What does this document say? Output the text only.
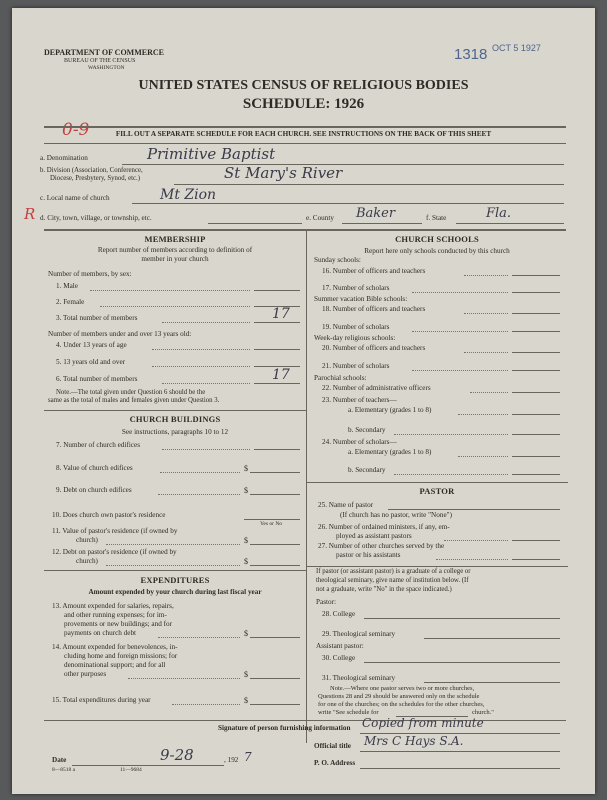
DEPARTMENT OF COMMERCE
BUREAU OF THE CENSUS
WASHINGTON
1318 OCT 5 1927
UNITED STATES CENSUS OF RELIGIOUS BODIES
SCHEDULE: 1926
0-9	FILL OUT A SEPARATE SCHEDULE FOR EACH CHURCH. SEE INSTRUCTIONS ON THE BACK OF THIS SHEET
a. Denomination	Primitive Baptist
b. Division (Association, Conference,
Diocese, Presbytery, Synod, etc.)	St Mary's River
c. Local name of church	Mt Zion
R d. City, town, village, or township, etc.	e. County Baker	f. State	Fla.
MEMBERSHIP
Report number of members according to definition of
member in your church
Number of members, by sex:
1. Male
2. Female
3. Total number of members	17
Number of members under and over 13 years old:
4. Under 13 years of age
5. 13 years old and over
6. Total number of members	17
Note.—The total given under Question 6 should be the
same as the total of males and females given under Question 3.
CHURCH BUILDINGS
See instructions, paragraphs 10 to 12
7. Number of church edifices
8. Value of church edifices	$
9. Debt on church edifices	$
10. Does church own pastor's residence
Yes or No
11. Value of pastor's residence (if owned by
church)	$
12. Debt on pastor's residence (if owned by
church)	$
EXPENDITURES
Amount expended by your church during last fiscal year
13. Amount expended for salaries, repairs,
and other running expenses; for im-
provements or new buildings; and for
payments on church debt	$
14. Amount expended for benevolences, in-
cluding home and foreign missions; for
denominational support; and for all
other purposes	$
15. Total expenditures during year	$
CHURCH SCHOOLS
Report here only schools conducted by this church
Sunday schools:
16. Number of officers and teachers
17. Number of scholars
Summer vacation Bible schools:
18. Number of officers and teachers
19. Number of scholars
Week-day religious schools:
20. Number of officers and teachers
21. Number of scholars
Parochial schools:
22. Number of administrative officers
23. Number of teachers—
a. Elementary (grades 1 to 8)
b. Secondary
24. Number of scholars—
a. Elementary (grades 1 to 8)
b. Secondary
PASTOR
25. Name of pastor
(If church has no pastor, write "None")
26. Number of ordained ministers, if any, em-
ployed as assistant pastors
27. Number of other churches served by the
pastor or his assistants
If pastor (or assistant pastor) is a graduate of a college or
theological seminary, give name of institution below. (If
not a graduate, write "No" in the space indicated.)
Pastor:
28. College
29. Theological seminary
Assistant pastor:
30. College
31. Theological seminary
Note.—Where one pastor serves two or more churches,
Questions 28 and 29 should be answered only on the schedule
for one of the churches; on the schedules for the other churches,
write "See schedule for	church."
Signature of person furnishing information Copied from minute
Official title Mrs C Hays S.A.
Date	9-28	, 192 7	P. O. Address
8—8518 a	11—9684
